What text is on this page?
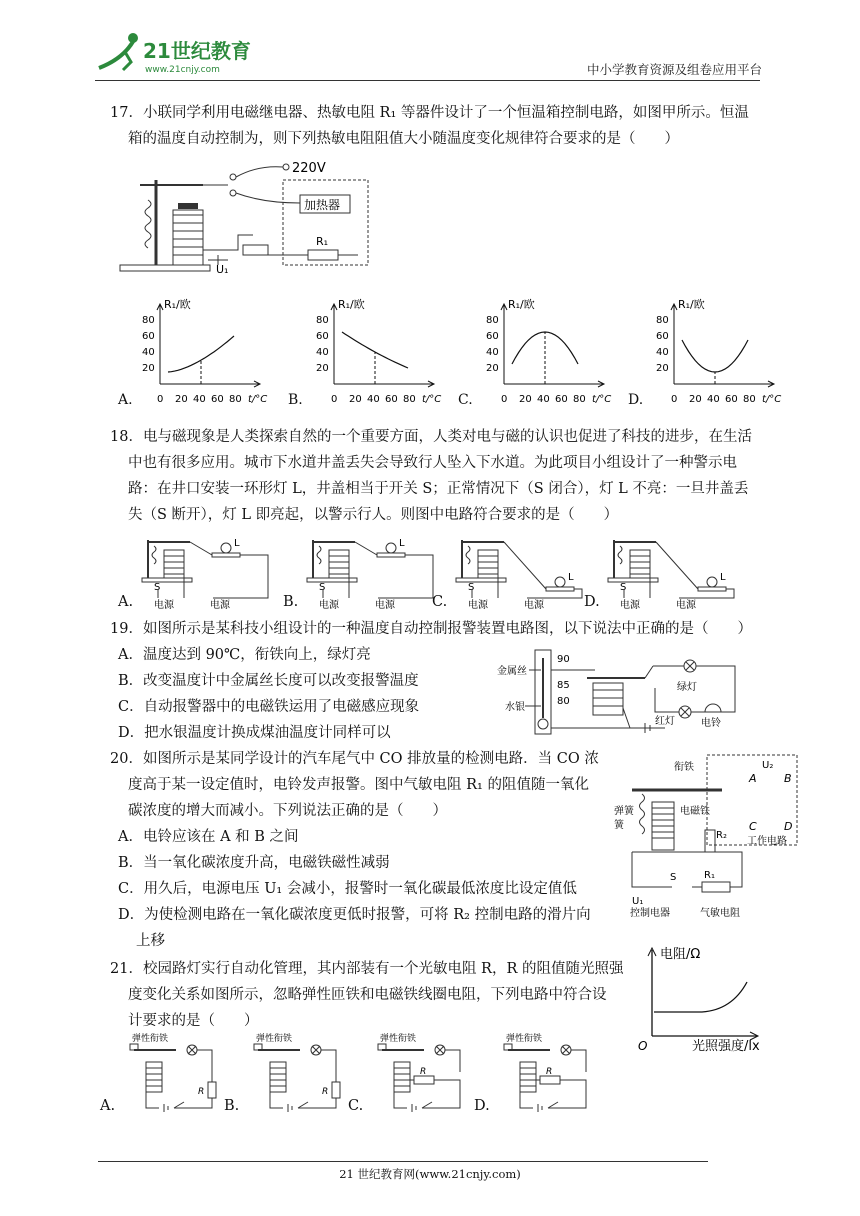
21世纪教育
www.21cnjy.com	中小学教育资源及组卷应用平台
17．小联同学利用电磁继电器、热敏电阻 R₁ 等器件设计了一个恒温箱控制电路，如图甲所示。恒温
箱的温度自动控制为，则下列热敏电阻阻值大小随温度变化规律符合要求的是（　　）
220V
加热器
R₁
U₁
R₁/欧
80
60
40
20
0 20 40 60 80 t/°C
A.
R₁/欧
80
60
40
20
0 20 40 60 80 t/°C
B.
R₁/欧
80
60
40
20
0 20 40 60 80 t/°C
C.
R₁/欧
80
60
40
20
0 20 40 60 80 t/°C
D.
18．电与磁现象是人类探索自然的一个重要方面，人类对电与磁的认识也促进了科技的进步，在生活
中也有很多应用。城市下水道井盖丢失会导致行人坠入下水道。为此项目小组设计了一种警示电
路：在井口安装一环形灯 L，井盖相当于开关 S；正常情况下（S 闭合），灯 L 不亮：一旦井盖丢
失（S 断开），灯 L 即亮起，以警示行人。则图中电路符合要求的是（　　）
S
电源
L
电源
A.
S
电源
L
电源
B.
S
电源
L
电源
C.
S
电源
L
电源
D.
19．如图所示是某科技小组设计的一种温度自动控制报警装置电路图，以下说法中正确的是（　　）
A．温度达到 90℃，衔铁向上，绿灯亮
B．改变温度计中金属丝长度可以改变报警温度
C．自动报警器中的电磁铁运用了电磁感应现象
D．把水银温度计换成煤油温度计同样可以
90
85
80
金属丝
水银
绿灯
红灯	电铃
20．如图所示是某同学设计的汽车尾气中 CO 排放量的检测电路．当 CO 浓
度高于某一设定值时，电铃发声报警。图中气敏电阻 R₁ 的阻值随一氧化
碳浓度的增大而减小。下列说法正确的是（　　）
A．电铃应该在 A 和 B 之间
B．当一氧化碳浓度升高，电磁铁磁性减弱
C．用久后，电源电压 U₁ 会减小，报警时一氧化碳最低浓度比设定值低
D．为使检测电路在一氧化碳浓度更低时报警，可将 R₂ 控制电路的滑片向
上移
U₂
A B
C D
工作电路
衔铁
弹簧
簧
电磁铁
R₂
S	R₁
U₁
控制电器	气敏电阻
21．校园路灯实行自动化管理，其内部装有一个光敏电阻 R，R 的阻值随光照强
度变化关系如图所示，忽略弹性匝铁和电磁铁线圈电阻，下列电路中符合设
计要求的是（　　）
电阻/Ω
O	光照强度/lx
弹性衔铁
R
A.
弹性衔铁
R
B.
弹性衔铁
R
C.
弹性衔铁
R
D.
21 世纪教育网(www.21cnjy.com)
